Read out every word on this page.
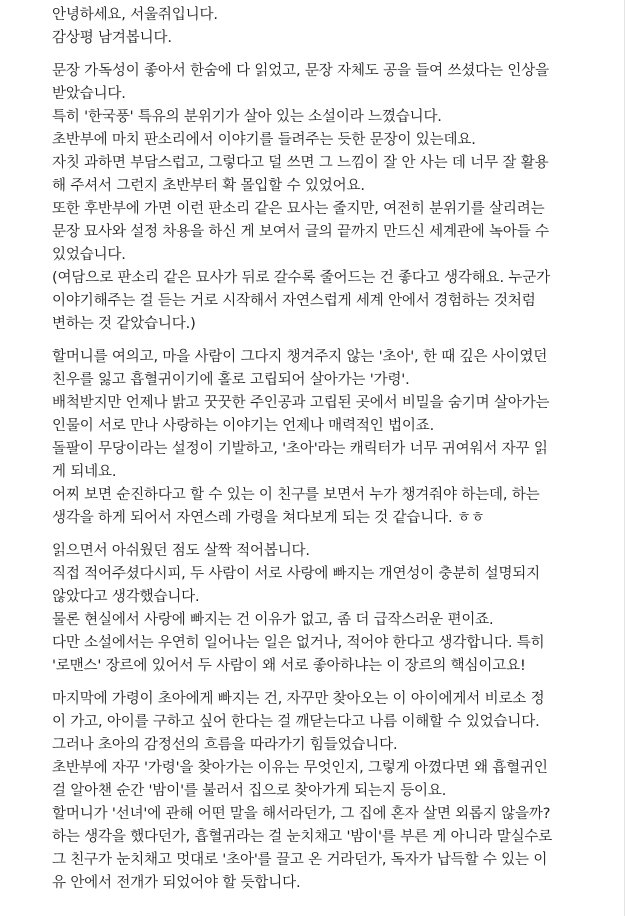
안녕하세요, 서울쥐입니다.
감상평 남겨봅니다.
문장 가독성이 좋아서 한숨에 다 읽었고, 문장 자체도 공을 들여 쓰셨다는 인상을
받았습니다.
특히 '한국풍' 특유의 분위기가 살아 있는 소설이라 느꼈습니다.
초반부에 마치 판소리에서 이야기를 들려주는 듯한 문장이 있는데요.
자칫 과하면 부담스럽고, 그렇다고 덜 쓰면 그 느낌이 잘 안 사는 데 너무 잘 활용
해 주셔서 그런지 초반부터 확 몰입할 수 있었어요.
또한 후반부에 가면 이런 판소리 같은 묘사는 줄지만, 여전히 분위기를 살리려는
문장 묘사와 설정 차용을 하신 게 보여서 글의 끝까지 만드신 세계관에 녹아들 수
있었습니다.
(여담으로 판소리 같은 묘사가 뒤로 갈수록 줄어드는 건 좋다고 생각해요. 누군가
이야기해주는 걸 듣는 거로 시작해서 자연스럽게 세계 안에서 경험하는 것처럼
변하는 것 같았습니다.)
할머니를 여의고, 마을 사람이 그다지 챙겨주지 않는 '초아', 한 때 깊은 사이였던
친우를 잃고 흡혈귀이기에 홀로 고립되어 살아가는 '가령'.
배척받지만 언제나 밝고 꿋꿋한 주인공과 고립된 곳에서 비밀을 숨기며 살아가는
인물이 서로 만나 사랑하는 이야기는 언제나 매력적인 법이죠.
돌팔이 무당이라는 설정이 기발하고, '초아'라는 캐릭터가 너무 귀여워서 자꾸 읽
게 되네요.
어찌 보면 순진하다고 할 수 있는 이 친구를 보면서 누가 챙겨줘야 하는데, 하는
생각을 하게 되어서 자연스레 가령을 쳐다보게 되는 것 같습니다. ㅎㅎ
읽으면서 아쉬웠던 점도 살짝 적어봅니다.
직접 적어주셨다시피, 두 사람이 서로 사랑에 빠지는 개연성이 충분히 설명되지
않았다고 생각했습니다.
물론 현실에서 사랑에 빠지는 건 이유가 없고, 좀 더 급작스러운 편이죠.
다만 소설에서는 우연히 일어나는 일은 없거나, 적어야 한다고 생각합니다. 특히
'로맨스' 장르에 있어서 두 사람이 왜 서로 좋아하냐는 이 장르의 핵심이고요!
마지막에 가령이 초아에게 빠지는 건, 자꾸만 찾아오는 이 아이에게서 비로소 정
이 가고, 아이를 구하고 싶어 한다는 걸 깨닫는다고 나름 이해할 수 있었습니다.
그러나 초아의 감정선의 흐름을 따라가기 힘들었습니다.
초반부에 자꾸 '가령'을 찾아가는 이유는 무엇인지, 그렇게 아꼈다면 왜 흡혈귀인
걸 알아챈 순간 '밤이'를 불러서 집으로 찾아가게 되는지 등이요.
할머니가 '선녀'에 관해 어떤 말을 해서라던가, 그 집에 혼자 살면 외롭지 않을까?
하는 생각을 했다던가, 흡혈귀라는 걸 눈치채고 '밤이'를 부른 게 아니라 말실수로
그 친구가 눈치채고 멋대로 '초아'를 끌고 온 거라던가, 독자가 납득할 수 있는 이
유 안에서 전개가 되었어야 할 듯합니다.
